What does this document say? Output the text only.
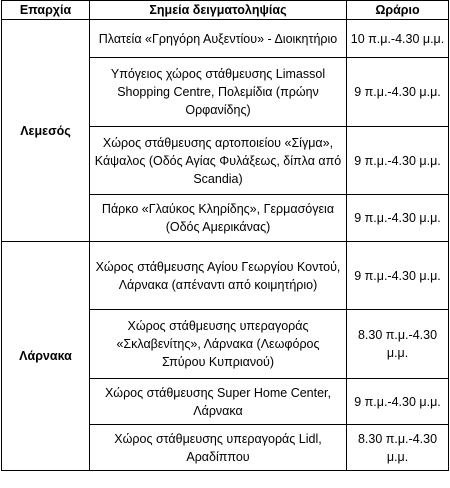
Επαρχία	Σημεία δειγματοληψίας	Ωράριο
Λεμεσός	Πλατεία «Γρηγόρη Αυξεντίου» - Διοικητήριο	10 π.μ.-4.30 μ.μ.
	Υπόγειος χώρος στάθμευσης Limassol Shopping Centre, Πολεμίδια (πρώην Ορφανίδης)	9 π.μ.-4.30 μ.μ.
	Χώρος στάθμευσης αρτοποιείου «Σίγμα», Κάψαλος (Οδός Αγίας Φυλάξεως, δίπλα από Scandia)	9 π.μ.-4.30 μ.μ.
	Πάρκο «Γλαύκος Κληρίδης», Γερμασόγεια (Οδός Αμερικάνας)	9 π.μ.-4.30 μ.μ.
Λάρνακα	Χώρος στάθμευσης Αγίου Γεωργίου Κοντού, Λάρνακα (απέναντι από κοιμητήριο)	9 π.μ.-4.30 μ.μ.
	Χώρος στάθμευσης υπεραγοράς «Σκλαβενίτης», Λάρνακα (Λεωφόρος Σπύρου Κυπριανού)	8.30 π.μ.-4.30 μ.μ.
	Χώρος στάθμευσης Super Home Center, Λάρνακα	9 π.μ.-4.30 μ.μ.
	Χώρος στάθμευσης υπεραγοράς Lidl, Αραδίππου	8.30 π.μ.-4.30 μ.μ.
